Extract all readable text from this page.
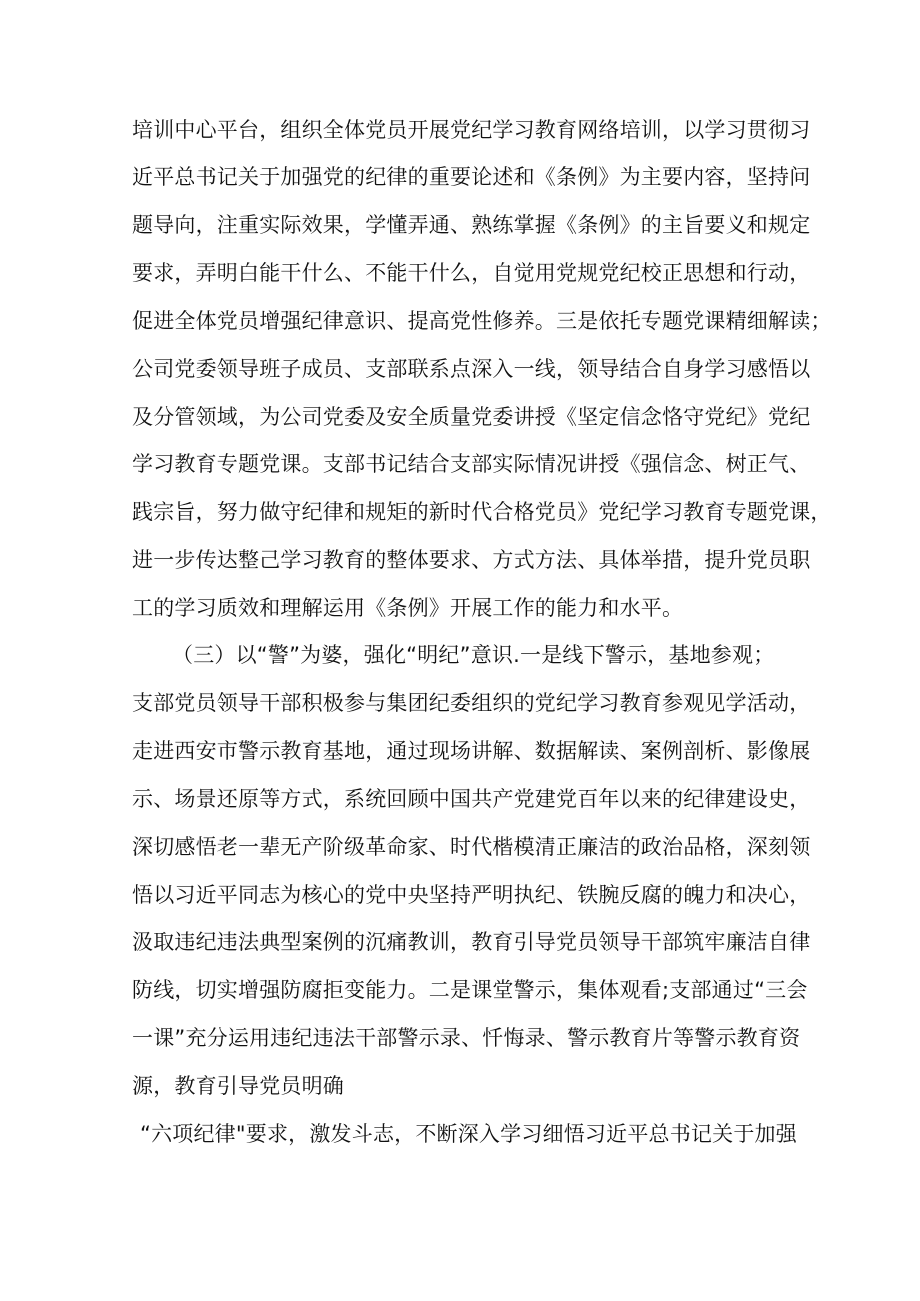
培训中心平台，组织全体党员开展党纪学习教育网络培训，以学习贯彻习
近平总书记关于加强党的纪律的重要论述和《条例》为主要内容，坚持问
题导向，注重实际效果，学懂弄通、熟练掌握《条例》的主旨要义和规定
要求，弄明白能干什么、不能干什么，自觉用党规党纪校正思想和行动，
促进全体党员增强纪律意识、提高党性修养。三是依托专题党课精细解读；
公司党委领导班子成员、支部联系点深入一线，领导结合自身学习感悟以
及分管领域，为公司党委及安全质量党委讲授《坚定信念恪守党纪》党纪
学习教育专题党课。支部书记结合支部实际情况讲授《强信念、树正气、
践宗旨，努力做守纪律和规矩的新时代合格党员》党纪学习教育专题党课，
进一步传达整己学习教育的整体要求、方式方法、具体举措，提升党员职
工的学习质效和理解运用《条例》开展工作的能力和水平。
（三）以“警”为婆，强化“明纪”意识.一是线下警示，基地参观；
支部党员领导干部积极参与集团纪委组织的党纪学习教育参观见学活动，
走进西安市警示教育基地，通过现场讲解、数据解读、案例剖析、影像展
示、场景还原等方式，系统回顾中国共产党建党百年以来的纪律建设史，
深切感悟老一辈无产阶级革命家、时代楷模清正廉洁的政治品格，深刻领
悟以习近平同志为核心的党中央坚持严明执纪、铁腕反腐的魄力和决心，
汲取违纪违法典型案例的沉痛教训，教育引导党员领导干部筑牢廉洁自律
防线，切实增强防腐拒变能力。二是课堂警示，集体观看;支部通过“三会
一课”充分运用违纪违法干部警示录、忏悔录、警示教育片等警示教育资
源，教育引导党员明确
“六项纪律"要求，激发斗志，不断深入学习细悟习近平总书记关于加强
